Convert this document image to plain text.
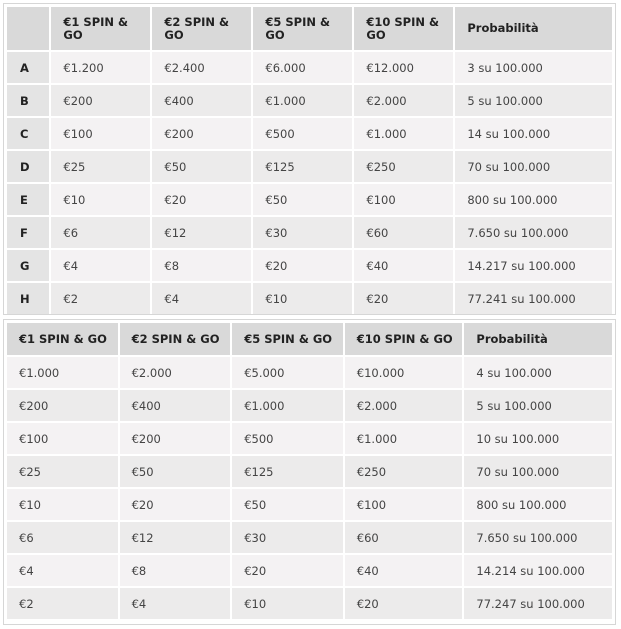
	€1 SPIN & GO	€2 SPIN & GO	€5 SPIN & GO	€10 SPIN & GO	Probabilità
A	€1.200	€2.400	€6.000	€12.000	3 su 100.000
B	€200	€400	€1.000	€2.000	5 su 100.000
C	€100	€200	€500	€1.000	14 su 100.000
D	€25	€50	€125	€250	70 su 100.000
E	€10	€20	€50	€100	800 su 100.000
F	€6	€12	€30	€60	7.650 su 100.000
G	€4	€8	€20	€40	14.217 su 100.000
H	€2	€4	€10	€20	77.241 su 100.000
€1 SPIN & GO	€2 SPIN & GO	€5 SPIN & GO	€10 SPIN & GO	Probabilità
€1.000	€2.000	€5.000	€10.000	4 su 100.000
€200	€400	€1.000	€2.000	5 su 100.000
€100	€200	€500	€1.000	10 su 100.000
€25	€50	€125	€250	70 su 100.000
€10	€20	€50	€100	800 su 100.000
€6	€12	€30	€60	7.650 su 100.000
€4	€8	€20	€40	14.214 su 100.000
€2	€4	€10	€20	77.247 su 100.000
